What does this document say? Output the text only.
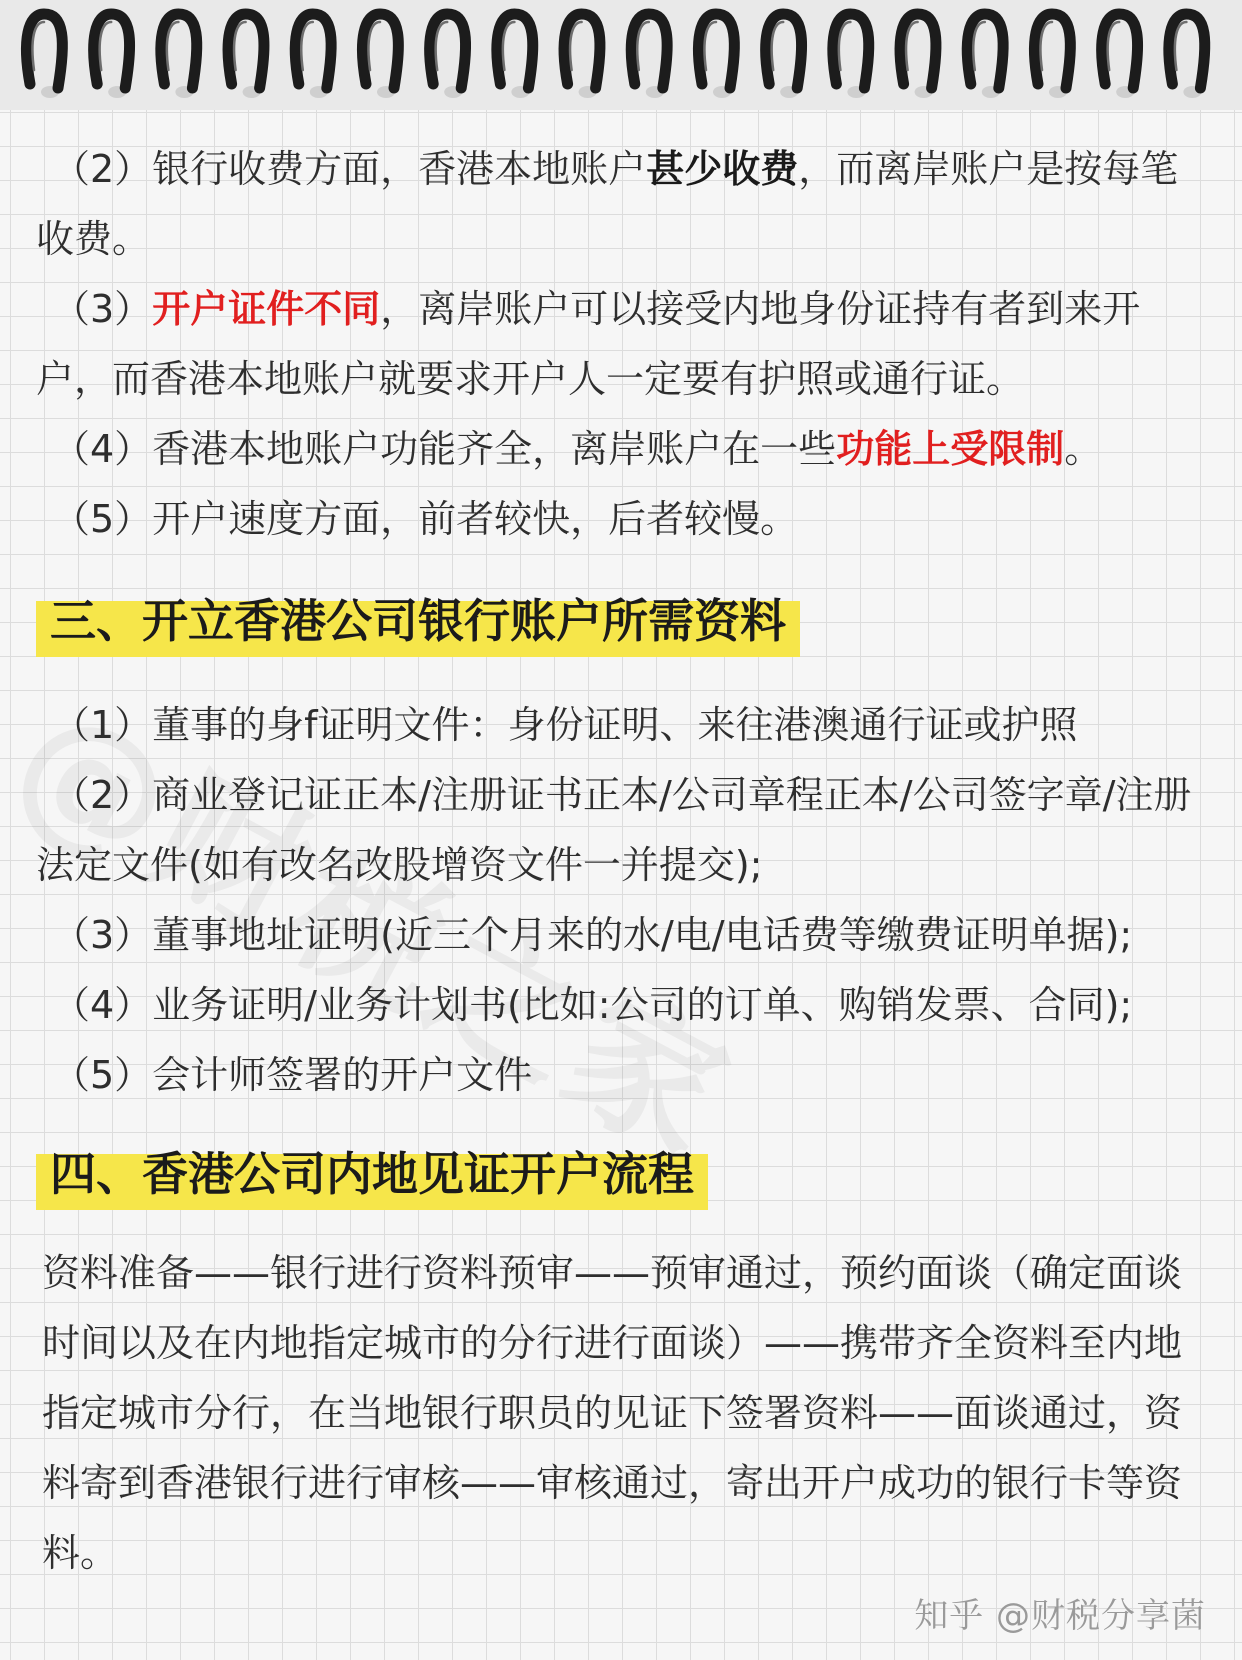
（2）银行收费方面，香港本地账户甚少收费，而离岸账户是按每笔收费。

（3）开户证件不同，离岸账户可以接受内地身份证持有者到来开户，而香港本地账户就要求开户人一定要有护照或通行证。

（4）香港本地账户功能齐全，离岸账户在一些功能上受限制。

（5）开户速度方面，前者较快，后者较慢。

三、开立香港公司银行账户所需资料

（1）董事的身f证明文件：身份证明、来往港澳通行证或护照

（2）商业登记证正本/注册证书正本/公司章程正本/公司签字章/注册法定文件(如有改名改股增资文件一并提交);

（3）董事地址证明(近三个月来的水/电/电话费等缴费证明单据);

（4）业务证明/业务计划书(比如:公司的订单、购销发票、合同);

（5）会计师签署的开户文件

四、香港公司内地见证开户流程

资料准备——银行进行资料预审——预审通过，预约面谈（确定面谈时间以及在内地指定城市的分行进行面谈）——携带齐全资料至内地指定城市分行，在当地银行职员的见证下签署资料——面谈通过，资料寄到香港银行进行审核——审核通过，寄出开户成功的银行卡等资料。

知乎 @财税分享菌
